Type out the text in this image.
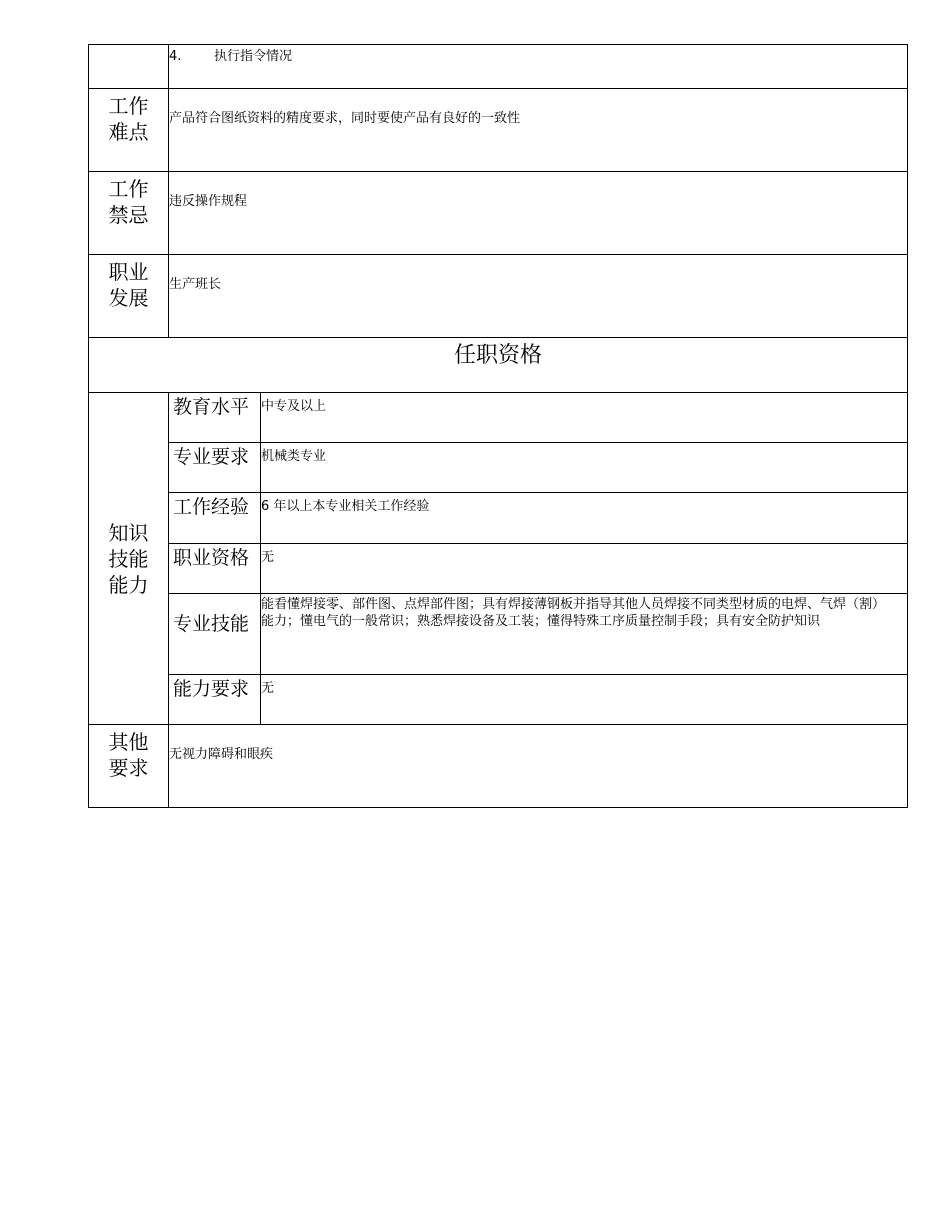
	4. 执行指令情况	

工作
难点	产品符合图纸资料的精度要求，同时要使产品有良好的一致性	

工作
禁忌	违反操作规程	

职业
发展	生产班长	
任职资格		

知识
技能
能力	教育水平	中专及以上
	专业要求	机械类专业
	工作经验	6 年以上本专业相关工作经验
	职业资格	无
	专业技能	能看懂焊接零、部件图、点焊部件图；具有焊接薄钢板并指导其他人员焊接不同类型材质的电焊、气焊（割）能力；懂电气的一般常识；熟悉焊接设备及工装；懂得特殊工序质量控制手段；具有安全防护知识
	能力要求	无

其他
要求	无视力障碍和眼疾	
